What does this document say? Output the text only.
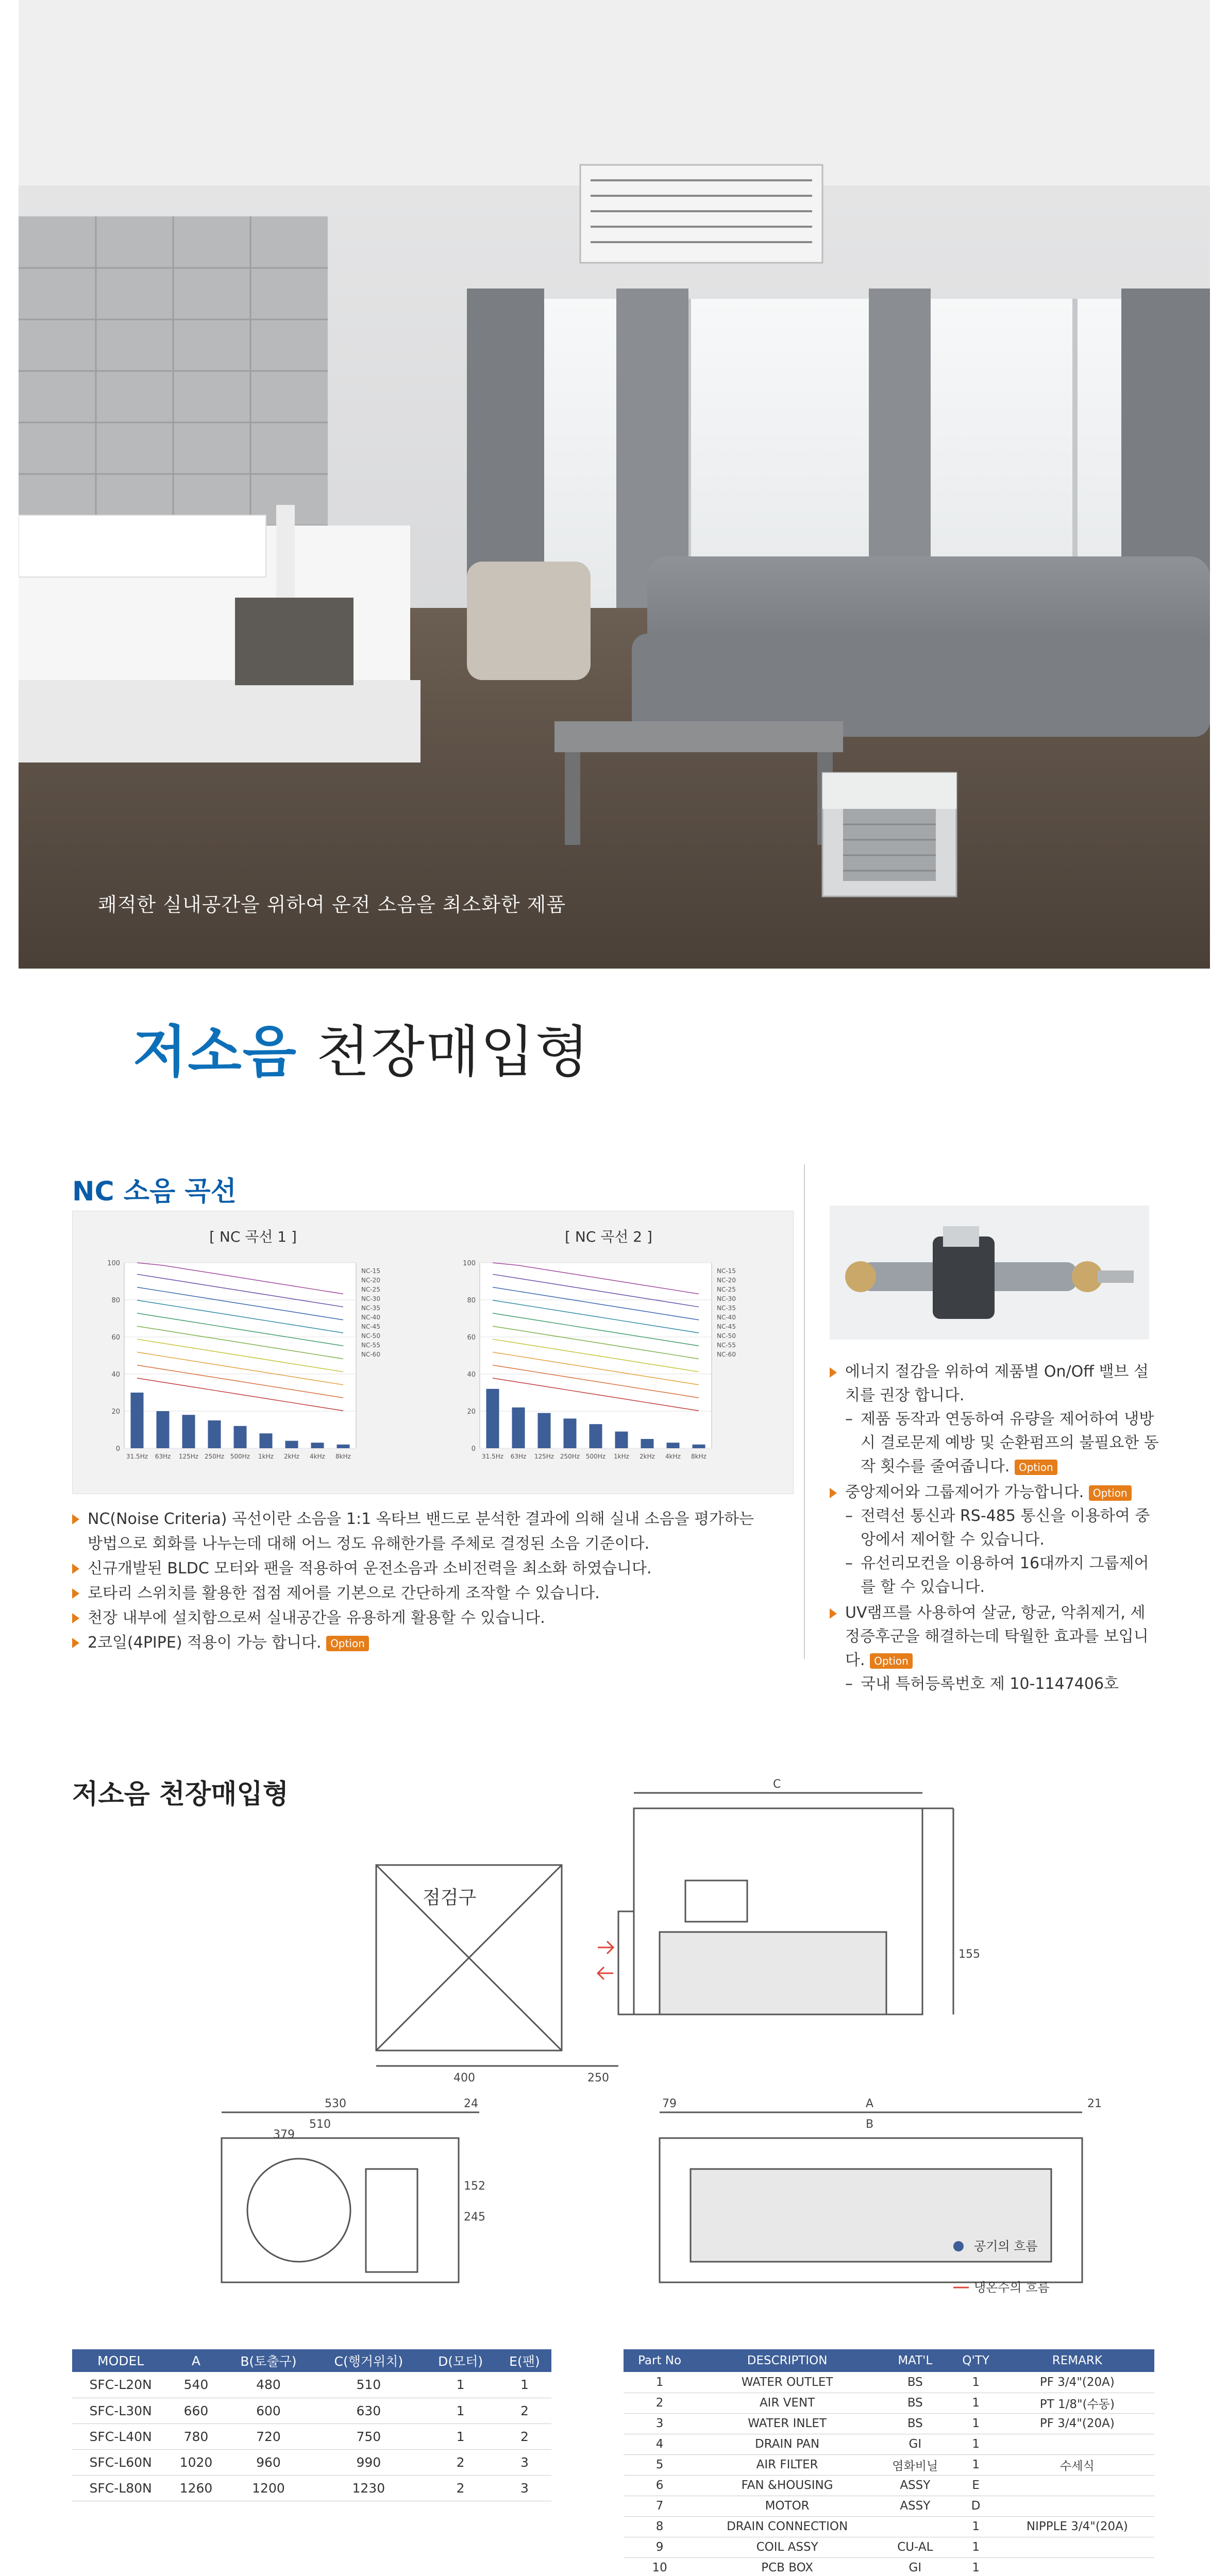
쾌적한 실내공간을 위하여 운전 소음을 최소화한 제품
저소음 천장매입형
NC 소음 곡선
[ NC 곡선 1 ]	[ NC 곡선 2 ]
0
20
40
60
80
100
NC-15
NC-20
NC-25
NC-30
NC-35
NC-40
NC-45
NC-50
NC-55
NC-60
31.5Hz 63Hz 125Hz 250Hz 500Hz 1kHz 2kHz 4kHz 8kHz
0
20
40
60
80
100
NC-15
NC-20
NC-25
NC-30
NC-35
NC-40
NC-45
NC-50
NC-55
NC-60
31.5Hz 63Hz 125Hz 250Hz 500Hz 1kHz 2kHz 4kHz 8kHz
NC(Noise Criteria) 곡선이란 소음을 1:1 옥타브 밴드로 분석한 결과에 의해 실내 소음을 평가하는
방법으로 회화를 나누는데 대해 어느 정도 유해한가를 주체로 결정된 소음 기준이다.
신규개발된 BLDC 모터와 팬을 적용하여 운전소음과 소비전력을 최소화 하였습니다.
로타리 스위치를 활용한 접점 제어를 기본으로 간단하게 조작할 수 있습니다.
천장 내부에 설치함으로써 실내공간을 유용하게 활용할 수 있습니다.
2코일(4PIPE) 적용이 가능 합니다. Option
에너지 절감을 위하여 제품별 On/Off 밸브 설치를 권장 합니다.
– 제품 동작과 연동하여 유량을 제어하여 냉방 시 결로문제 예방 및 순환펌프의 불필요한 동작 횟수를 줄여줍니다. Option
중앙제어와 그룹제어가 가능합니다. Option
– 전력선 통신과 RS-485 통신을 이용하여 중앙에서 제어할 수 있습니다.
– 유선리모컨을 이용하여 16대까지 그룹제어를 할 수 있습니다.
UV램프를 사용하여 살균, 항균, 악취제거, 세정증후군을 해결하는데 탁월한 효과를 보입니다. Option
– 국내 특허등록번호 제 10-1147406호
저소음 천장매입형	C
155
400	250
점검구
530	24
510
379
152
245
79	A
B
21
공기의 흐름
냉온수의 흐름
MODEL	A	B(토출구)	C(행거위치)	D(모터)	E(팬)
SFC-L20N	540	480	510	1	1
SFC-L30N	660	600	630	1	2
SFC-L40N	780	720	750	1	2
SFC-L60N	1020	960	990	2	3
SFC-L80N	1260	1200	1230	2	3
Part No	DESCRIPTION	MAT'L	Q'TY	REMARK
1	WATER OUTLET	BS	1	PF 3/4"(20A)
2	AIR VENT	BS	1	PT 1/8"(수동)
3	WATER INLET	BS	1	PF 3/4"(20A)
4	DRAIN PAN	GI	1	
5	AIR FILTER	염화비닐	1	수세식
6	FAN &HOUSING	ASSY	E	
7	MOTOR	ASSY	D	
8	DRAIN CONNECTION		1	NIPPLE 3/4"(20A)
9	COIL ASSY	CU-AL	1	
10	PCB BOX	GI	1	
